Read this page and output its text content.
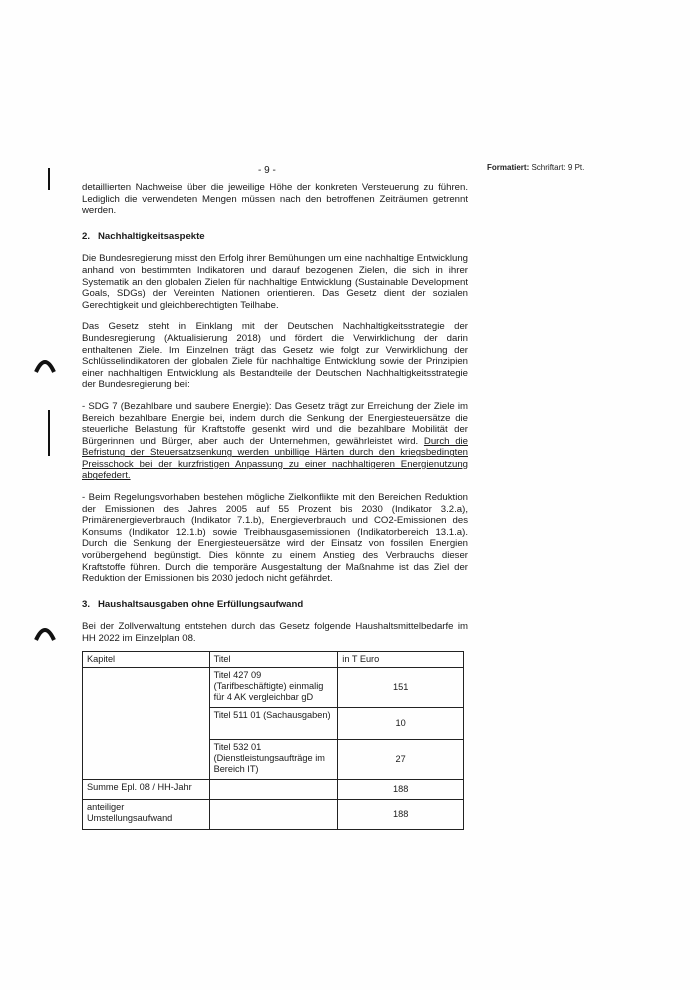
- 9 -	Formatiert: Schriftart: 9 Pt.

detaillierten Nachweise über die jeweilige Höhe der konkreten Versteuerung zu führen. Lediglich die verwendeten Mengen müssen nach den betroffenen Zeiträumen getrennt werden.

2. Nachhaltigkeitsaspekte

Die Bundesregierung misst den Erfolg ihrer Bemühungen um eine nachhaltige Entwicklung anhand von bestimmten Indikatoren und darauf bezogenen Zielen, die sich in ihrer Systematik an den globalen Zielen für nachhaltige Entwicklung (Sustainable Development Goals, SDGs) der Vereinten Nationen orientieren. Das Gesetz dient der sozialen Gerechtigkeit und gleichberechtigten Teilhabe.

Das Gesetz steht in Einklang mit der Deutschen Nachhaltigkeitsstrategie der Bundesregierung (Aktualisierung 2018) und fördert die Verwirklichung der darin enthaltenen Ziele. Im Einzelnen trägt das Gesetz wie folgt zur Verwirklichung der Schlüsselindikatoren der globalen Ziele für nachhaltige Entwicklung sowie der Prinzipien einer nachhaltigen Entwicklung als Bestandteile der Deutschen Nachhaltigkeitsstrategie der Bundesregierung bei:

- SDG 7 (Bezahlbare und saubere Energie): Das Gesetz trägt zur Erreichung der Ziele im Bereich bezahlbare Energie bei, indem durch die Senkung der Energiesteuersätze die steuerliche Belastung für Kraftstoffe gesenkt wird und die bezahlbare Mobilität der Bürgerinnen und Bürger, aber auch der Unternehmen, gewährleistet wird. Durch die Befristung der Steuersatzsenkung werden unbillige Härten durch den kriegsbedingten Preisschock bei der kurzfristigen Anpassung zu einer nachhaltigeren Energienutzung abgefedert.

- Beim Regelungsvorhaben bestehen mögliche Zielkonflikte mit den Bereichen Reduktion der Emissionen des Jahres 2005 auf 55 Prozent bis 2030 (Indikator 3.2.a), Primärenergieverbrauch (Indikator 7.1.b), Energieverbrauch und CO2-Emissionen des Konsums (Indikator 12.1.b) sowie Treibhausgasemissionen (Indikatorbereich 13.1.a). Durch die Senkung der Energiesteuersätze wird der Einsatz von fossilen Energien vorübergehend begünstigt. Dies könnte zu einem Anstieg des Verbrauchs dieser Kraftstoffe führen. Durch die temporäre Ausgestaltung der Maßnahme ist das Ziel der Reduktion der Emissionen bis 2030 jedoch nicht gefährdet.

3. Haushaltsausgaben ohne Erfüllungsaufwand

Bei der Zollverwaltung entstehen durch das Gesetz folgende Haushaltsmittelbedarfe im HH 2022 im Einzelplan 08.

Kapitel	Titel	in T Euro
	Titel 427 09 (Tarifbeschäftigte) einmalig für 4 AK vergleichbar gD	151
	Titel 511 01 (Sachausgaben)	10
	Titel 532 01 (Dienstleistungsaufträge im Bereich IT)	27
Summe Epl. 08 / HH-Jahr		188
anteiliger Umstellungsaufwand		188
